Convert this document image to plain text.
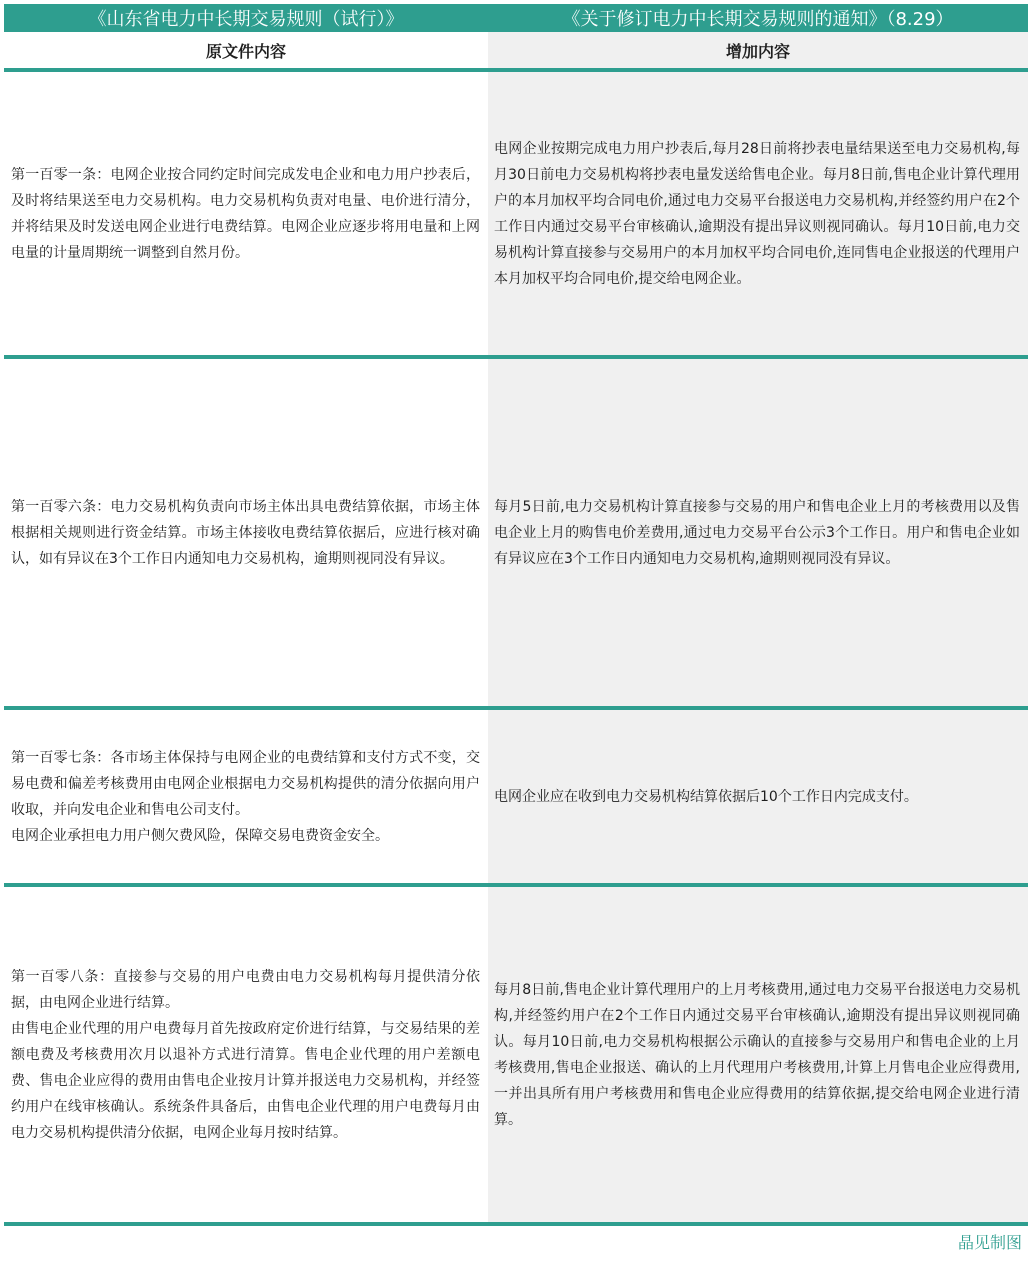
《山东省电力中长期交易规则（试行）》	《关于修订电力中长期交易规则的通知》（8.29）
原文件内容	增加内容

第一百零一条：电网企业按合同约定时间完成发电企业和电力用户抄表后，及时将结果送至电力交易机构。电力交易机构负责对电量、电价进行清分，并将结果及时发送电网企业进行电费结算。电网企业应逐步将用电量和上网电量的计量周期统一调整到自然月份。

电网企业按期完成电力用户抄表后,每月28日前将抄表电量结果送至电力交易机构,每月30日前电力交易机构将抄表电量发送给售电企业。每月8日前,售电企业计算代理用户的本月加权平均合同电价,通过电力交易平台报送电力交易机构,并经签约用户在2个工作日内通过交易平台审核确认,逾期没有提出异议则视同确认。每月10日前,电力交易机构计算直接参与交易用户的本月加权平均合同电价,连同售电企业报送的代理用户本月加权平均合同电价,提交给电网企业。

第一百零六条：电力交易机构负责向市场主体出具电费结算依据，市场主体根据相关规则进行资金结算。市场主体接收电费结算依据后，应进行核对确认，如有异议在3个工作日内通知电力交易机构，逾期则视同没有异议。

每月5日前,电力交易机构计算直接参与交易的用户和售电企业上月的考核费用以及售电企业上月的购售电价差费用,通过电力交易平台公示3个工作日。用户和售电企业如有异议应在3个工作日内通知电力交易机构,逾期则视同没有异议。

第一百零七条：各市场主体保持与电网企业的电费结算和支付方式不变，交易电费和偏差考核费用由电网企业根据电力交易机构提供的清分依据向用户收取，并向发电企业和售电公司支付。
电网企业承担电力用户侧欠费风险，保障交易电费资金安全。

电网企业应在收到电力交易机构结算依据后10个工作日内完成支付。

第一百零八条：直接参与交易的用户电费由电力交易机构每月提供清分依据，由电网企业进行结算。
由售电企业代理的用户电费每月首先按政府定价进行结算，与交易结果的差额电费及考核费用次月以退补方式进行清算。售电企业代理的用户差额电费、售电企业应得的费用由售电企业按月计算并报送电力交易机构，并经签约用户在线审核确认。系统条件具备后，由售电企业代理的用户电费每月由电力交易机构提供清分依据，电网企业每月按时结算。

每月8日前,售电企业计算代理用户的上月考核费用,通过电力交易平台报送电力交易机构,并经签约用户在2个工作日内通过交易平台审核确认,逾期没有提出异议则视同确认。每月10日前,电力交易机构根据公示确认的直接参与交易用户和售电企业的上月考核费用,售电企业报送、确认的上月代理用户考核费用,计算上月售电企业应得费用,一并出具所有用户考核费用和售电企业应得费用的结算依据,提交给电网企业进行清算。

晶见制图
